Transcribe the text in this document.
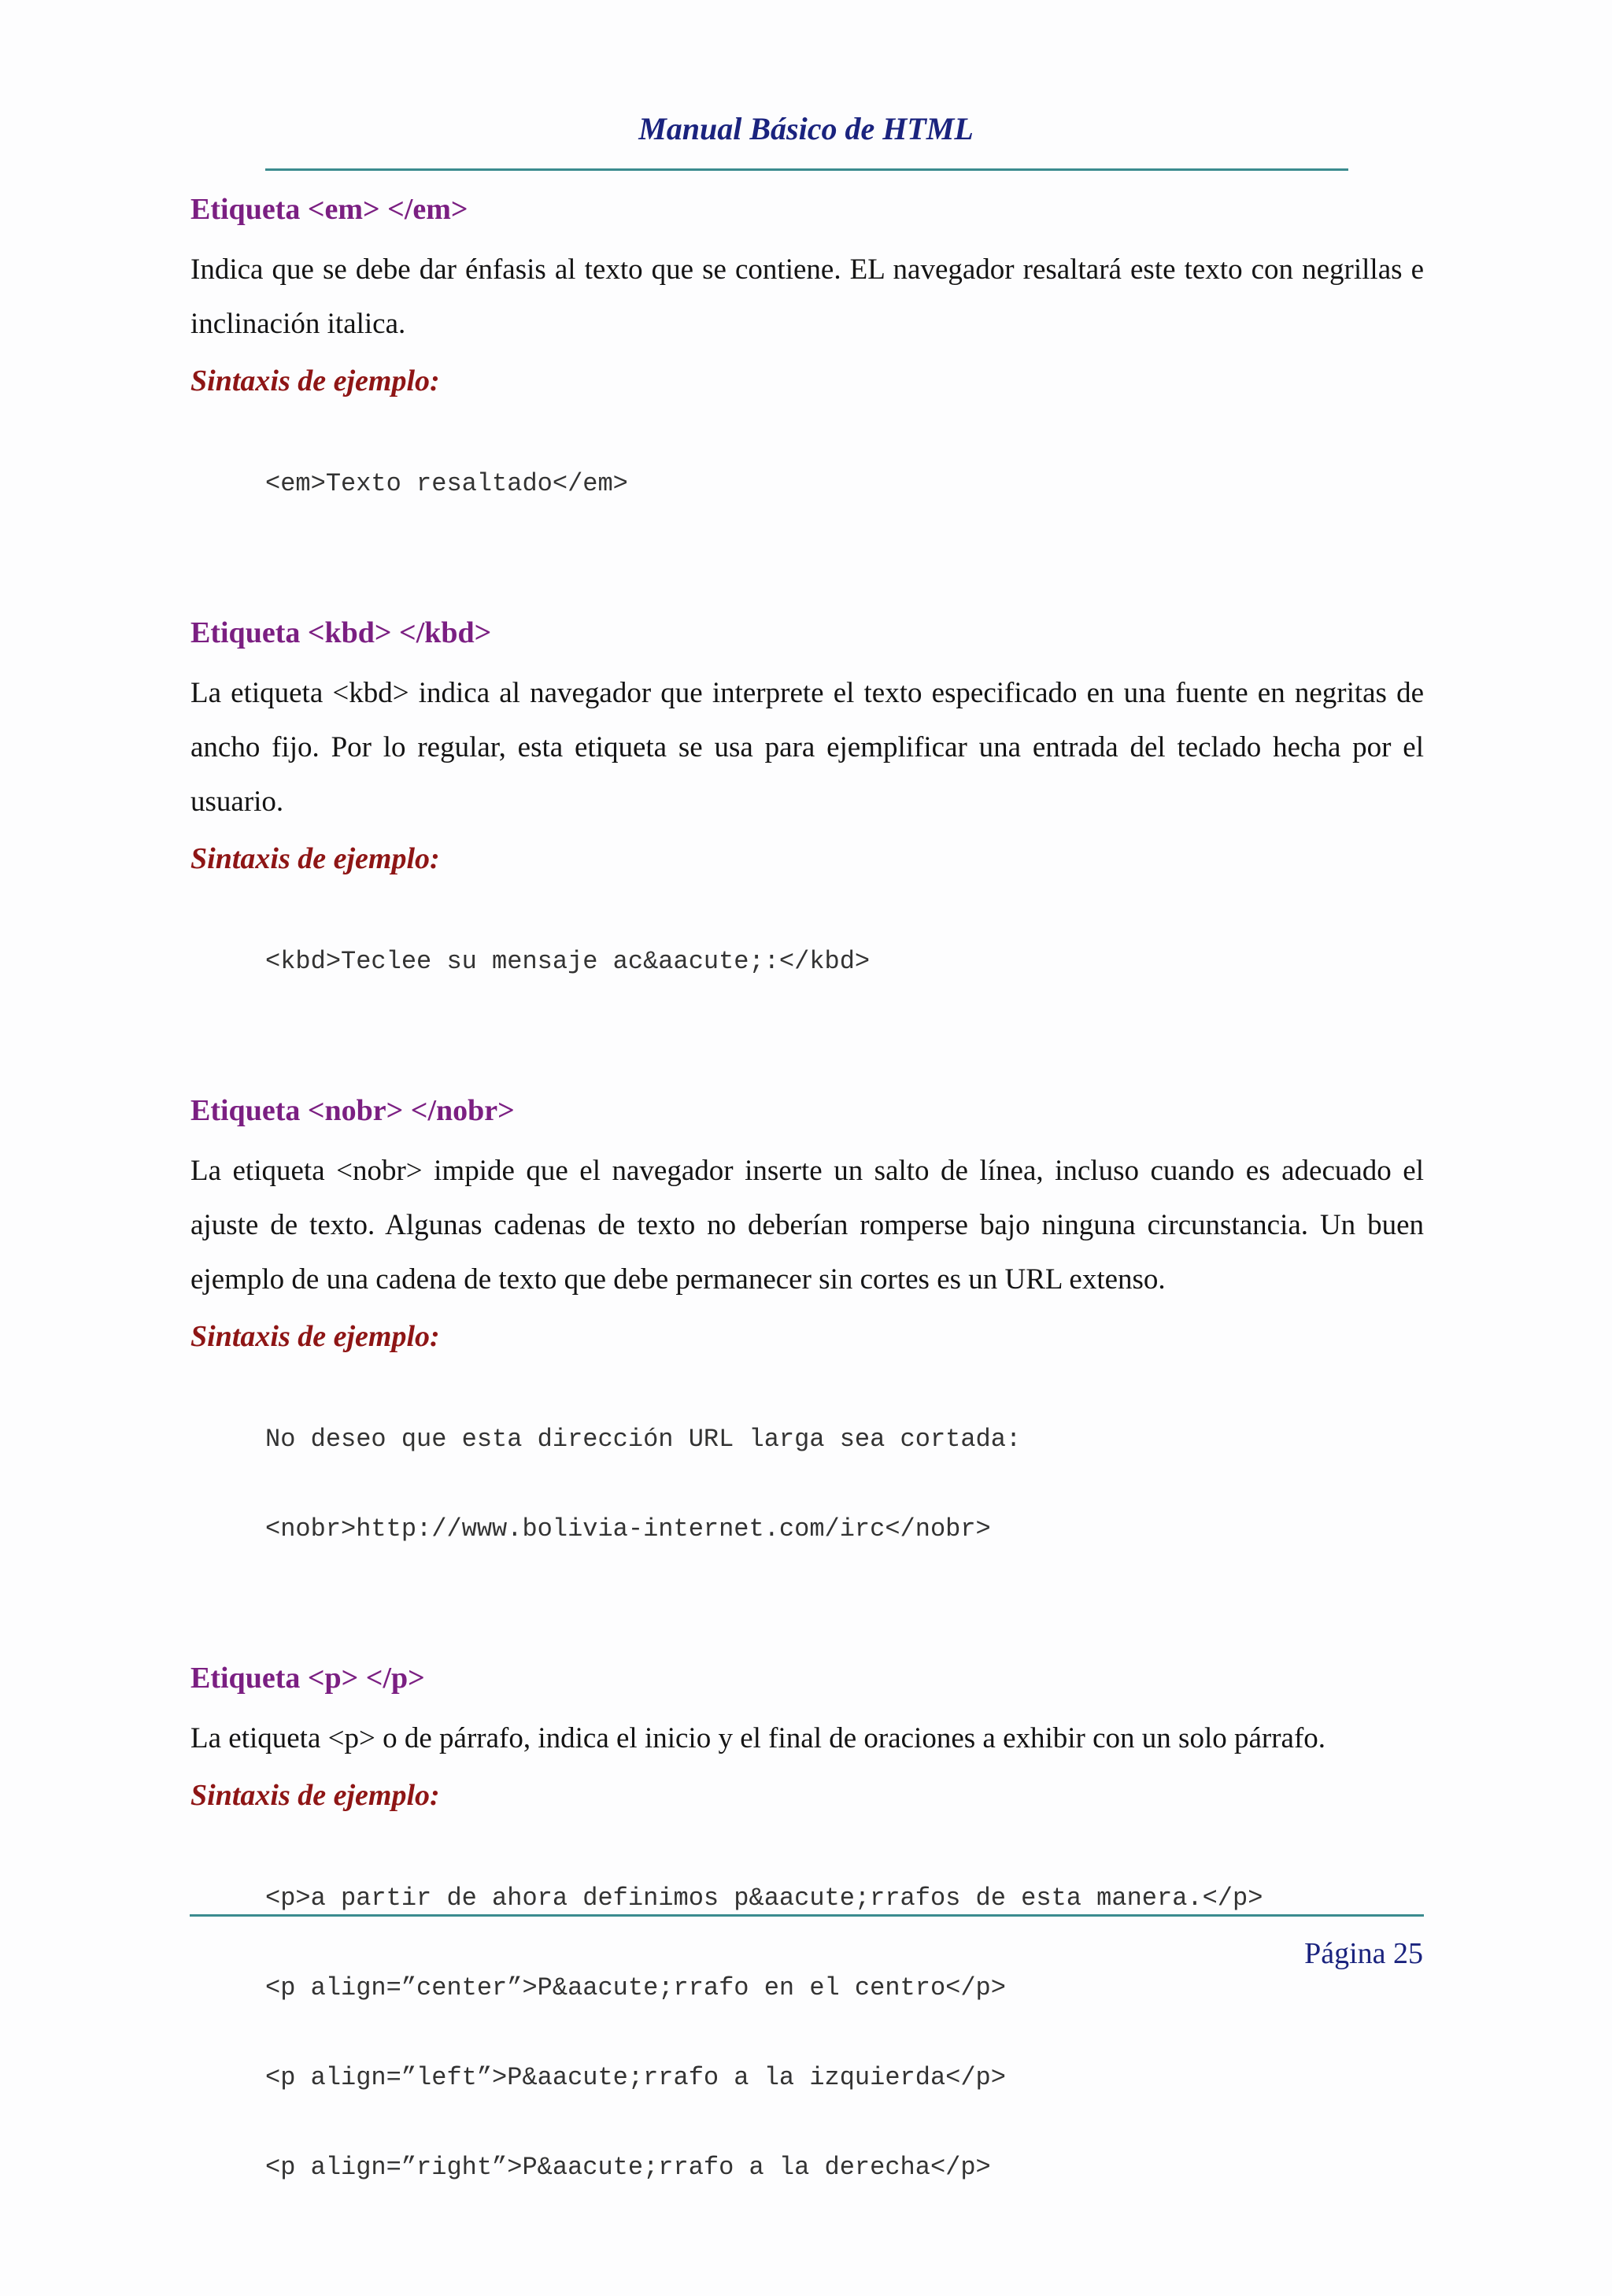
Manual Básico de HTML
Etiqueta <em> </em>

Indica que se debe dar énfasis al texto que se contiene. EL navegador resaltará este texto con negrillas e inclinación italica.

Sintaxis de ejemplo:

<em>Texto resaltado</em>

Etiqueta <kbd> </kbd>

La etiqueta <kbd> indica al navegador que interprete el texto especificado en una fuente en negritas de ancho fijo. Por lo regular, esta etiqueta se usa para ejemplificar una entrada del teclado hecha por el usuario.

Sintaxis de ejemplo:

<kbd>Teclee su mensaje ac&aacute;:</kbd>

Etiqueta <nobr> </nobr>

La etiqueta <nobr> impide que el navegador inserte un salto de línea, incluso cuando es adecuado el ajuste de texto. Algunas cadenas de texto no deberían romperse bajo ninguna circunstancia. Un buen ejemplo de una cadena de texto que debe permanecer sin cortes es un URL extenso.

Sintaxis de ejemplo:

No deseo que esta dirección URL larga sea cortada:

<nobr>http://www.bolivia-internet.com/irc</nobr>

Etiqueta <p> </p>

La etiqueta <p> o de párrafo, indica el inicio y el final de oraciones a exhibir con un solo párrafo.

Sintaxis de ejemplo:

<p>a partir de ahora definimos p&aacute;rrafos de esta manera.</p>

<p align=”center”>P&aacute;rrafo en el centro</p>

<p align=”left”>P&aacute;rrafo a la izquierda</p>

<p align=”right”>P&aacute;rrafo a la derecha</p>

Página 25
